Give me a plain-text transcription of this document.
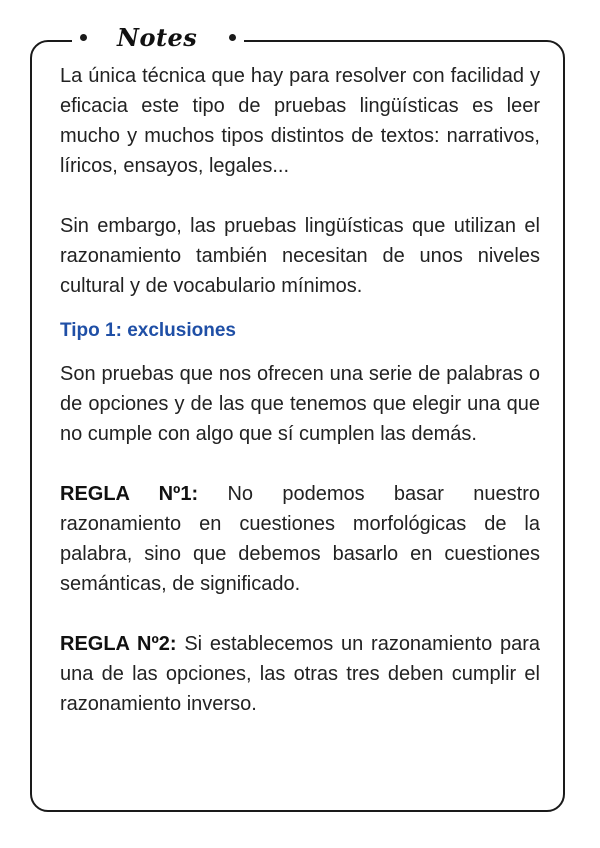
Notes

La única técnica que hay para resolver con facilidad y eficacia este tipo de pruebas lingüísticas es leer mucho y muchos tipos distintos de textos: narrativos, líricos, ensayos, legales...

Sin embargo, las pruebas lingüísticas que utilizan el razonamiento también necesitan de unos niveles cultural y de vocabulario mínimos.

Tipo 1: exclusiones

Son pruebas que nos ofrecen una serie de palabras o de opciones y de las que tenemos que elegir una que no cumple con algo que sí cumplen las demás.

REGLA Nº1: No podemos basar nuestro razonamiento en cuestiones morfológicas de la palabra, sino que debemos basarlo en cuestiones semánticas, de significado.

REGLA Nº2: Si establecemos un razonamiento para una de las opciones, las otras tres deben cumplir el razonamiento inverso.
